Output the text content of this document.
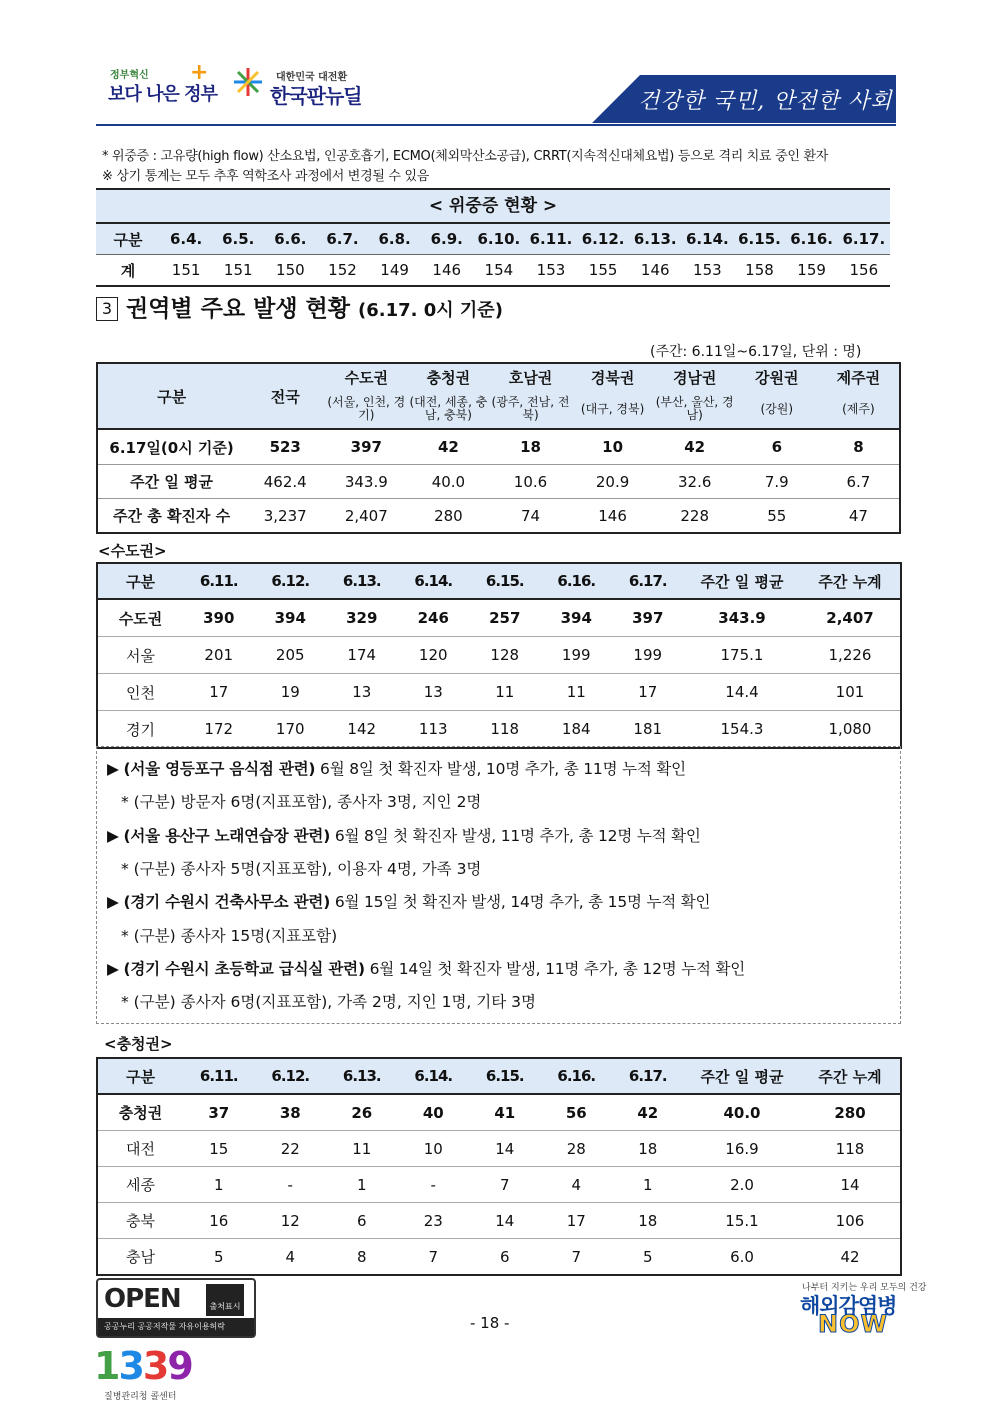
정부혁신
보다 나은 정부
+	대한민국 대전환
한국판뉴딜	건강한 국민, 안전한 사회
* 위중증 : 고유량(high flow) 산소요법, 인공호흡기, ECMO(체외막산소공급), CRRT(지속적신대체요법) 등으로 격리 치료 중인 환자
※ 상기 통계는 모두 추후 역학조사 과정에서 변경될 수 있음
< 위중증 현황 >
구분	6.4.	6.5.	6.6.	6.7.	6.8.	6.9.	6.10.	6.11.	6.12.	6.13.	6.14.	6.15.	6.16.	6.17.
계	151	151	150	152	149	146	154	153	155	146	153	158	159	156
3 권역별 주요 발생 현황 (6.17. 0시 기준)
(주간: 6.11일~6.17일, 단위 : 명)
구분	전국	수도권	충청권	호남권	경북권	경남권	강원권	제주권
		(서울, 인천, 경기)	(대전, 세종, 충남, 충북)	(광주, 전남, 전북)	(대구, 경북)	(부산, 울산, 경남)	(강원)	(제주)
6.17일(0시 기준)	523	397	42	18	10	42	6	8
주간 일 평균	462.4	343.9	40.0	10.6	20.9	32.6	7.9	6.7
주간 총 확진자 수	3,237	2,407	280	74	146	228	55	47
<수도권>
구분	6.11.	6.12.	6.13.	6.14.	6.15.	6.16.	6.17.	주간 일 평균	주간 누계
수도권	390	394	329	246	257	394	397	343.9	2,407
서울	201	205	174	120	128	199	199	175.1	1,226
인천	17	19	13	13	11	11	17	14.4	101
경기	172	170	142	113	118	184	181	154.3	1,080
▶ (서울 영등포구 음식점 관련) 6월 8일 첫 확진자 발생, 10명 추가, 총 11명 누적 확인
* (구분) 방문자 6명(지표포함), 종사자 3명, 지인 2명
▶ (서울 용산구 노래연습장 관련) 6월 8일 첫 확진자 발생, 11명 추가, 총 12명 누적 확인
* (구분) 종사자 5명(지표포함), 이용자 4명, 가족 3명
▶ (경기 수원시 건축사무소 관련) 6월 15일 첫 확진자 발생, 14명 추가, 총 15명 누적 확인
* (구분) 종사자 15명(지표포함)
▶ (경기 수원시 초등학교 급식실 관련) 6월 14일 첫 확진자 발생, 11명 추가, 총 12명 누적 확인
* (구분) 종사자 6명(지표포함), 가족 2명, 지인 1명, 기타 3명
<충청권>
구분	6.11.	6.12.	6.13.	6.14.	6.15.	6.16.	6.17.	주간 일 평균	주간 누계
충청권	37	38	26	40	41	56	42	40.0	280
대전	15	22	11	10	14	28	18	16.9	118
세종	1	-	1	-	7	4	1	2.0	14
충북	16	12	6	23	14	17	18	15.1	106
충남	5	4	8	7	6	7	5	6.0	42
OPEN	출처표시
공공누리 공공저작물 자유이용허락	- 18 -
1339
질병관리청 콜센터
나부터 지키는 우리 모두의 건강
해외감염병
NOW
